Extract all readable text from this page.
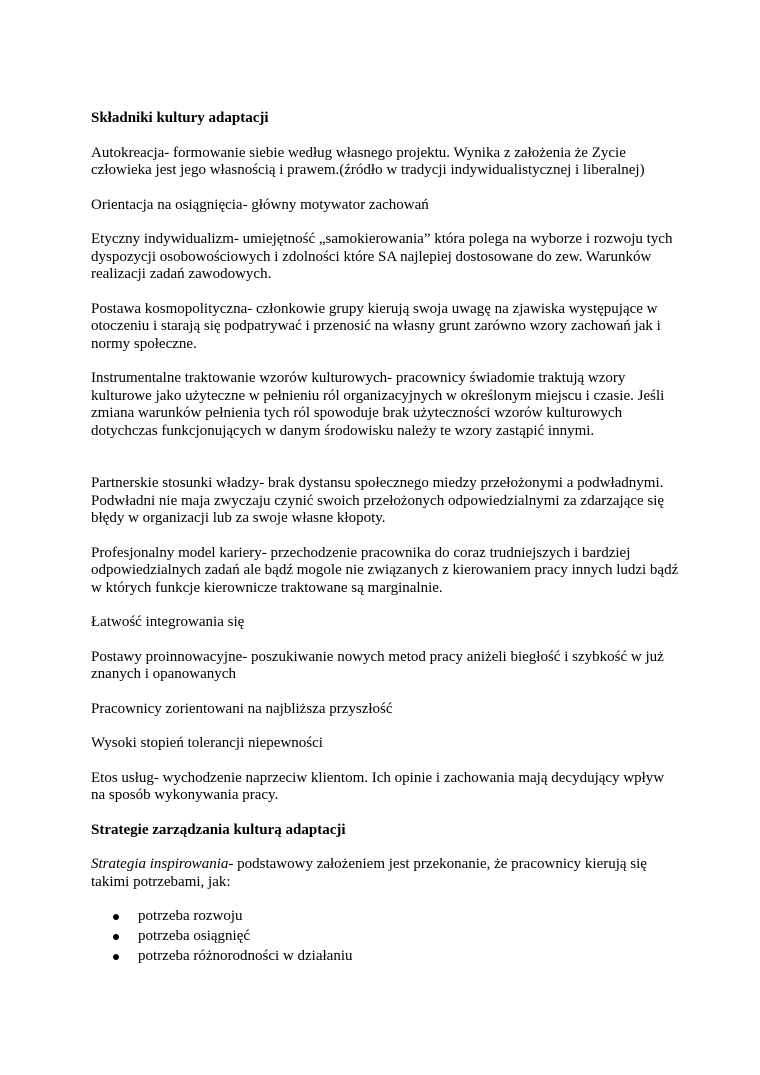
Składniki kultury adaptacji

Autokreacja- formowanie siebie według własnego projektu. Wynika z założenia że Zycie człowieka jest jego własnością i prawem.(źródło w tradycji indywidualistycznej i liberalnej)

Orientacja na osiągnięcia- główny motywator zachowań

Etyczny indywidualizm- umiejętność „samokierowania” która polega na wyborze i rozwoju tych dyspozycji osobowościowych i zdolności które SA najlepiej dostosowane do zew. Warunków realizacji zadań zawodowych.

Postawa kosmopolityczna- członkowie grupy kierują swoja uwagę na zjawiska występujące w otoczeniu i starają się podpatrywać i przenosić na własny grunt zarówno wzory zachowań jak i normy społeczne.

Instrumentalne traktowanie wzorów kulturowych- pracownicy świadomie traktują wzory kulturowe jako użyteczne w pełnieniu ról organizacyjnych w określonym miejscu i czasie. Jeśli zmiana warunków pełnienia tych ról spowoduje brak użyteczności wzorów kulturowych dotychczas funkcjonujących w danym środowisku należy te wzory zastąpić innymi.

Partnerskie stosunki władzy- brak dystansu społecznego miedzy przełożonymi a podwładnymi. Podwładni nie maja zwyczaju czynić swoich przełożonych odpowiedzialnymi za zdarzające się błędy w organizacji lub za swoje własne kłopoty.

Profesjonalny model kariery- przechodzenie pracownika do coraz trudniejszych i bardziej odpowiedzialnych zadań ale bądź mogole nie związanych z kierowaniem pracy innych ludzi bądź w których funkcje kierownicze traktowane są marginalnie.

Łatwość integrowania się

Postawy proinnowacyjne- poszukiwanie nowych metod pracy aniżeli biegłość i szybkość w już znanych i opanowanych

Pracownicy zorientowani na najbliższa przyszłość

Wysoki stopień tolerancji niepewności

Etos usług- wychodzenie naprzeciw klientom. Ich opinie i zachowania mają decydujący wpływ na sposób wykonywania pracy.

Strategie zarządzania kulturą adaptacji

Strategia inspirowania- podstawowy założeniem jest przekonanie, że pracownicy kierują się takimi potrzebami, jak:

potrzeba rozwoju
potrzeba osiągnięć
potrzeba różnorodności w działaniu
